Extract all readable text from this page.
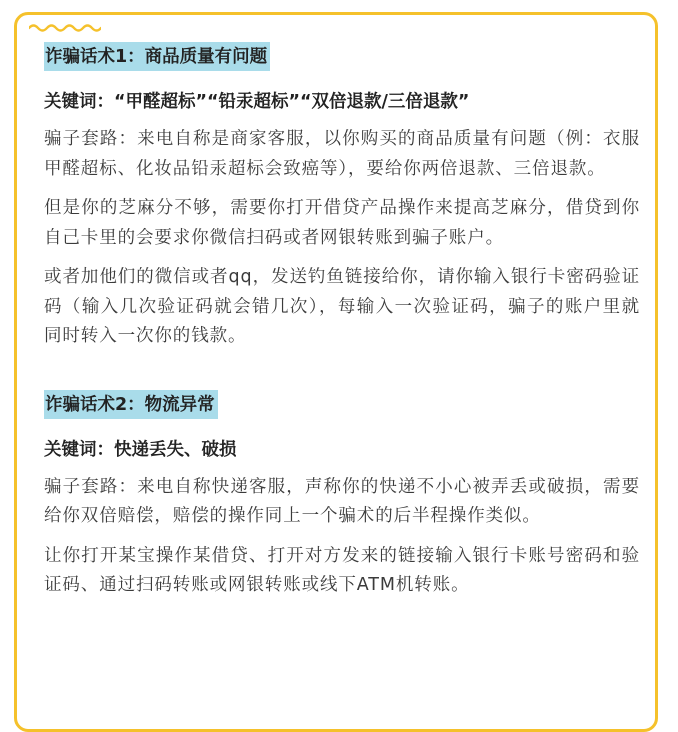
诈骗话术1：商品质量有问题
关键词：“甲醛超标”“铅汞超标”“双倍退款/三倍退款”

骗子套路：来电自称是商家客服，以你购买的商品质量有问题（例：衣服甲醛超标、化妆品铅汞超标会致癌等），要给你两倍退款、三倍退款。

但是你的芝麻分不够，需要你打开借贷产品操作来提高芝麻分，借贷到你自己卡里的会要求你微信扫码或者网银转账到骗子账户。

或者加他们的微信或者qq，发送钓鱼链接给你，请你输入银行卡密码验证码（输入几次验证码就会错几次），每输入一次验证码，骗子的账户里就同时转入一次你的钱款。

诈骗话术2：物流异常
关键词：快递丢失、破损

骗子套路：来电自称快递客服，声称你的快递不小心被弄丢或破损，需要给你双倍赔偿，赔偿的操作同上一个骗术的后半程操作类似。

让你打开某宝操作某借贷、打开对方发来的链接输入银行卡账号密码和验证码、通过扫码转账或网银转账或线下ATM机转账。
